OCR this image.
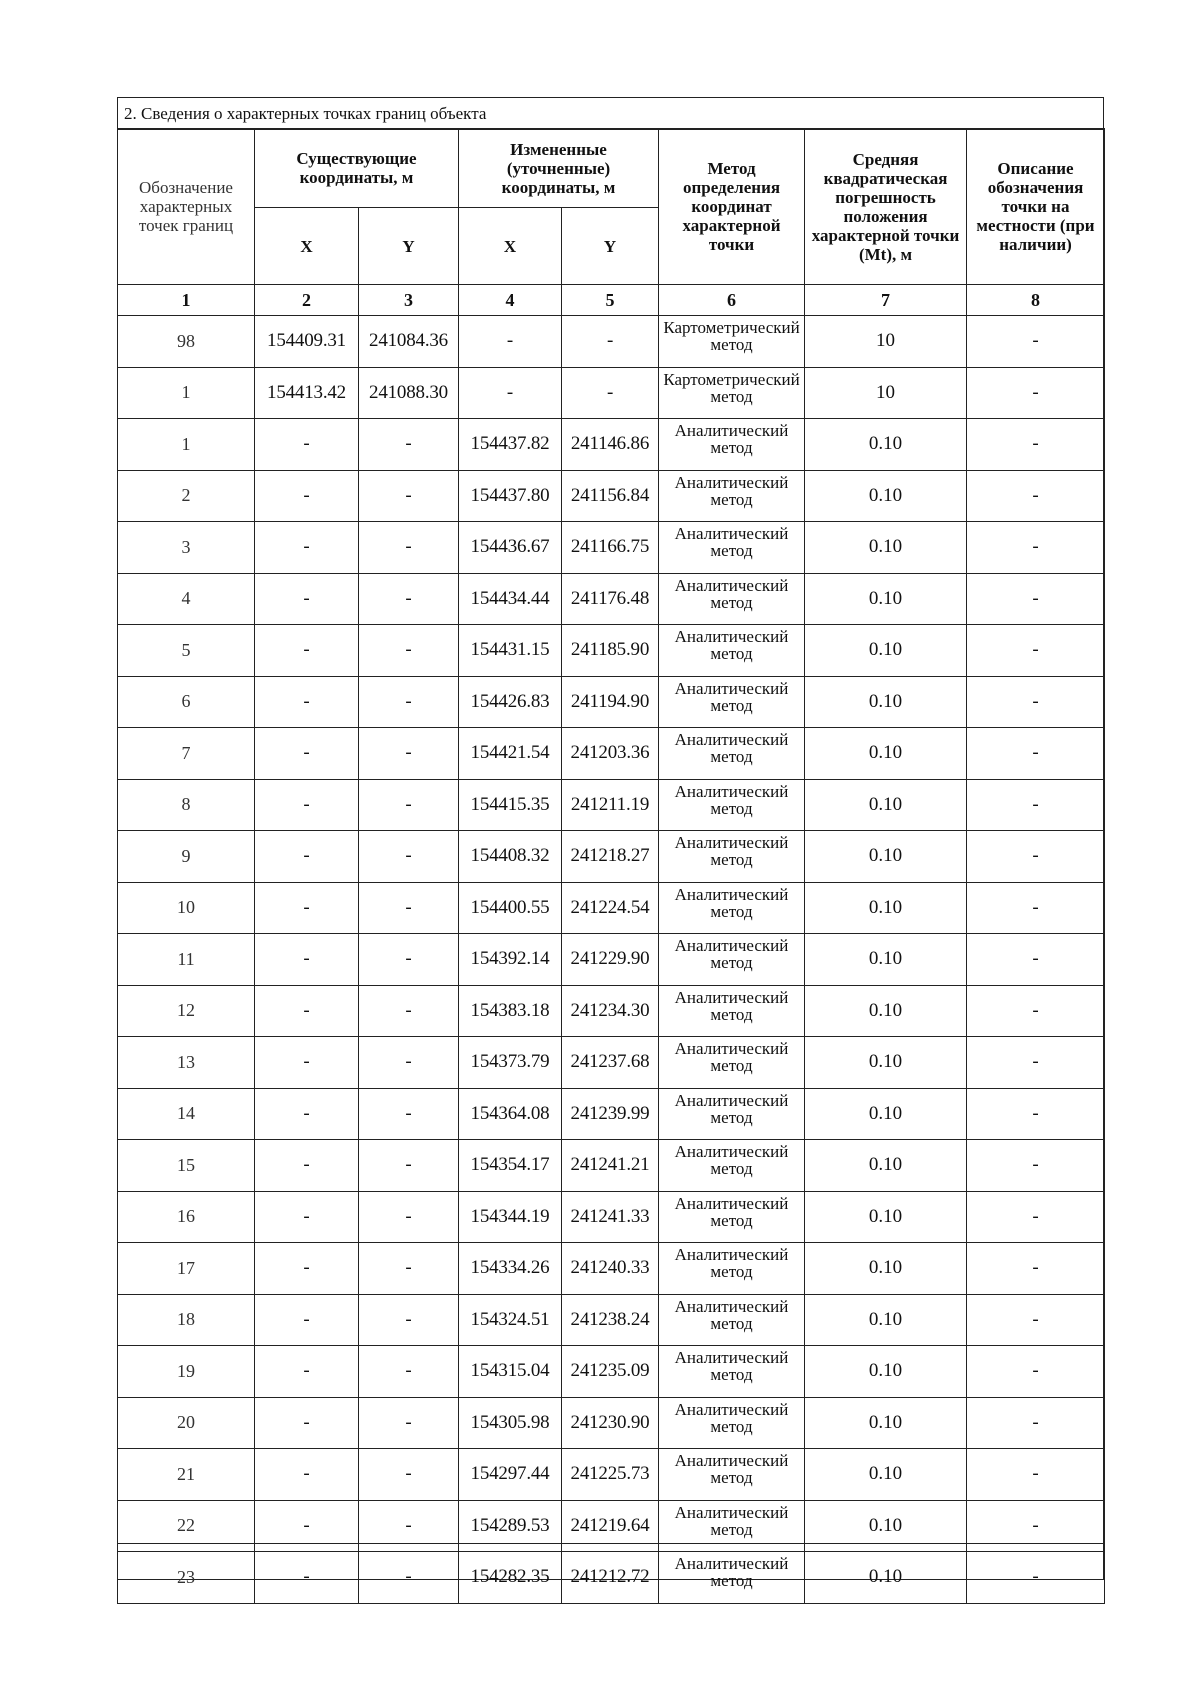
2. Сведения о характерных точках границ объекта
Обозначение характерных точек границ	Существующие координаты, м		Измененные (уточненные) координаты, м		Метод определения координат характерной точки	Средняя квадратическая погрешность положения характерной точки (Mt), м	Описание обозначения точки на местности (при наличии)
	X	Y	X	Y			
1	2	3	4	5	6	7	8
98	154409.31	241084.36	-	-	Картометрический метод	10	-
1	154413.42	241088.30	-	-	Картометрический метод	10	-
1	-	-	154437.82	241146.86	Аналитический метод	0.10	-
2	-	-	154437.80	241156.84	Аналитический метод	0.10	-
3	-	-	154436.67	241166.75	Аналитический метод	0.10	-
4	-	-	154434.44	241176.48	Аналитический метод	0.10	-
5	-	-	154431.15	241185.90	Аналитический метод	0.10	-
6	-	-	154426.83	241194.90	Аналитический метод	0.10	-
7	-	-	154421.54	241203.36	Аналитический метод	0.10	-
8	-	-	154415.35	241211.19	Аналитический метод	0.10	-
9	-	-	154408.32	241218.27	Аналитический метод	0.10	-
10	-	-	154400.55	241224.54	Аналитический метод	0.10	-
11	-	-	154392.14	241229.90	Аналитический метод	0.10	-
12	-	-	154383.18	241234.30	Аналитический метод	0.10	-
13	-	-	154373.79	241237.68	Аналитический метод	0.10	-
14	-	-	154364.08	241239.99	Аналитический метод	0.10	-
15	-	-	154354.17	241241.21	Аналитический метод	0.10	-
16	-	-	154344.19	241241.33	Аналитический метод	0.10	-
17	-	-	154334.26	241240.33	Аналитический метод	0.10	-
18	-	-	154324.51	241238.24	Аналитический метод	0.10	-
19	-	-	154315.04	241235.09	Аналитический метод	0.10	-
20	-	-	154305.98	241230.90	Аналитический метод	0.10	-
21	-	-	154297.44	241225.73	Аналитический метод	0.10	-
22	-	-	154289.53	241219.64	Аналитический метод	0.10	-
23	-	-	154282.35	241212.72	Аналитический метод	0.10	-
